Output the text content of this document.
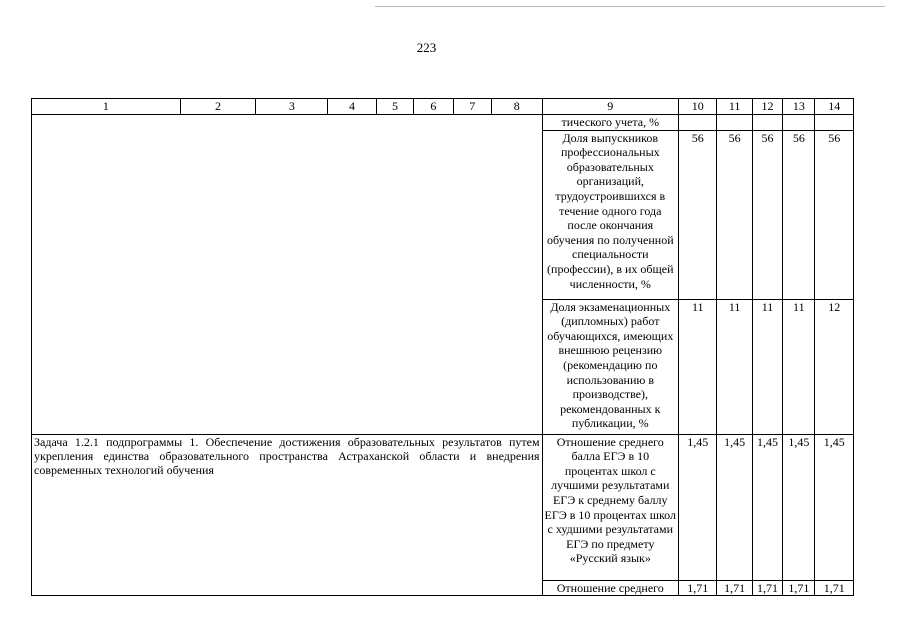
223
1	2	3	4	5	6	7	8	9	10	11	12	13	14
								тического учета, %					
								Доля выпускников профессиональных образовательных организаций, трудоустроившихся в течение одного года после окончания обучения по полученной специальности (профессии), в их общей численности, %	56	56	56	56	56
								Доля экзаменационных (дипломных) работ обучающихся, имеющих внешнюю рецензию (рекомендацию по использованию в производстве), рекомендованных к публикации, %	11	11	11	11	12
Задача 1.2.1 подпрограммы 1. Обеспечение достижения образовательных результатов путем укрепления единства образовательного пространства Астраханской области и внедрения современных технологий обучения								Отношение среднего балла ЕГЭ в 10 процентах школ с лучшими результатами ЕГЭ к среднему баллу ЕГЭ в 10 процентах школ с худшими результатами ЕГЭ по предмету «Русский язык»	1,45	1,45	1,45	1,45	1,45
								Отношение среднего	1,71	1,71	1,71	1,71	1,71
